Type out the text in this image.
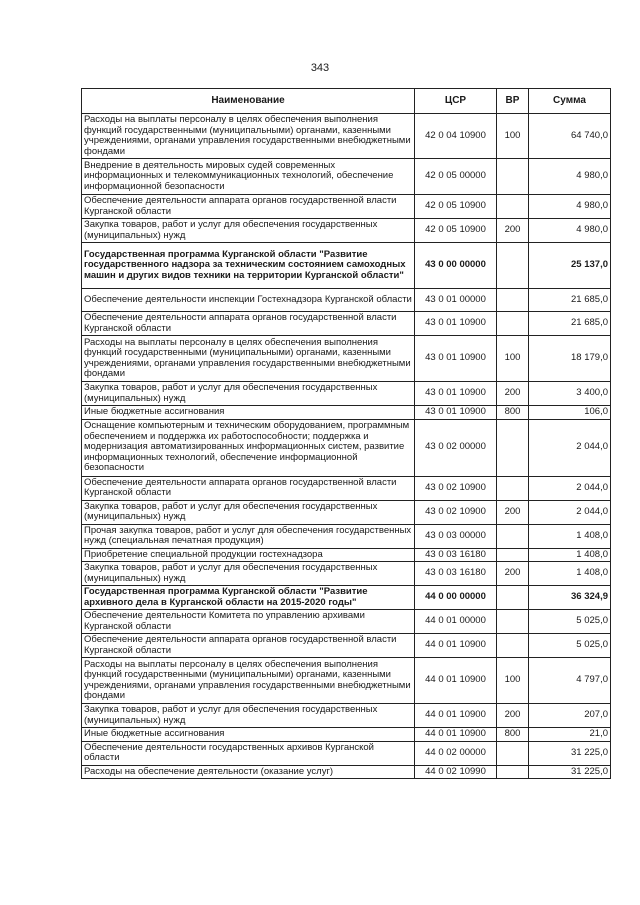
343
Наименование	ЦСР	ВР	Сумма
Расходы на выплаты персоналу в целях обеспечения выполнения функций государственными (муниципальными) органами, казенными учреждениями, органами управления государственными внебюджетными фондами	42 0 04 10900	100	64 740,0
Внедрение в деятельность мировых судей современных информационных и телекоммуникационных технологий, обеспечение информационной безопасности	42 0 05 00000		4 980,0
Обеспечение деятельности аппарата органов государственной власти Курганской области	42 0 05 10900		4 980,0
Закупка товаров, работ и услуг для обеспечения государственных (муниципальных) нужд	42 0 05 10900	200	4 980,0
Государственная программа Курганской области "Развитие государственного надзора за техническим состоянием самоходных машин и других видов техники на территории Курганской области"	43 0 00 00000		25 137,0
Обеспечение деятельности инспекции Гостехнадзора Курганской области	43 0 01 00000		21 685,0
Обеспечение деятельности аппарата органов государственной власти Курганской области	43 0 01 10900		21 685,0
Расходы на выплаты персоналу в целях обеспечения выполнения функций государственными (муниципальными) органами, казенными учреждениями, органами управления государственными внебюджетными фондами	43 0 01 10900	100	18 179,0
Закупка товаров, работ и услуг для обеспечения государственных (муниципальных) нужд	43 0 01 10900	200	3 400,0
Иные бюджетные ассигнования	43 0 01 10900	800	106,0
Оснащение компьютерным и техническим оборудованием, программным обеспечением и поддержка их работоспособности; поддержка и модернизация автоматизированных информационных систем, развитие информационных технологий, обеспечение информационной безопасности	43 0 02 00000		2 044,0
Обеспечение деятельности аппарата органов государственной власти Курганской области	43 0 02 10900		2 044,0
Закупка товаров, работ и услуг для обеспечения государственных (муниципальных) нужд	43 0 02 10900	200	2 044,0
Прочая закупка товаров, работ и услуг для обеспечения государственных нужд (специальная печатная продукция)	43 0 03 00000		1 408,0
Приобретение специальной продукции гостехнадзора	43 0 03 16180		1 408,0
Закупка товаров, работ и услуг для обеспечения государственных (муниципальных) нужд	43 0 03 16180	200	1 408,0
Государственная программа Курганской области "Развитие архивного дела в Курганской области на 2015-2020 годы"	44 0 00 00000		36 324,9
Обеспечение деятельности Комитета по управлению архивами Курганской области	44 0 01 00000		5 025,0
Обеспечение деятельности аппарата органов государственной власти Курганской области	44 0 01 10900		5 025,0
Расходы на выплаты персоналу в целях обеспечения выполнения функций государственными (муниципальными) органами, казенными учреждениями, органами управления государственными внебюджетными фондами	44 0 01 10900	100	4 797,0
Закупка товаров, работ и услуг для обеспечения государственных (муниципальных) нужд	44 0 01 10900	200	207,0
Иные бюджетные ассигнования	44 0 01 10900	800	21,0
Обеспечение деятельности государственных архивов Курганской области	44 0 02 00000		31 225,0
Расходы на обеспечение деятельности (оказание услуг)	44 0 02 10990		31 225,0
